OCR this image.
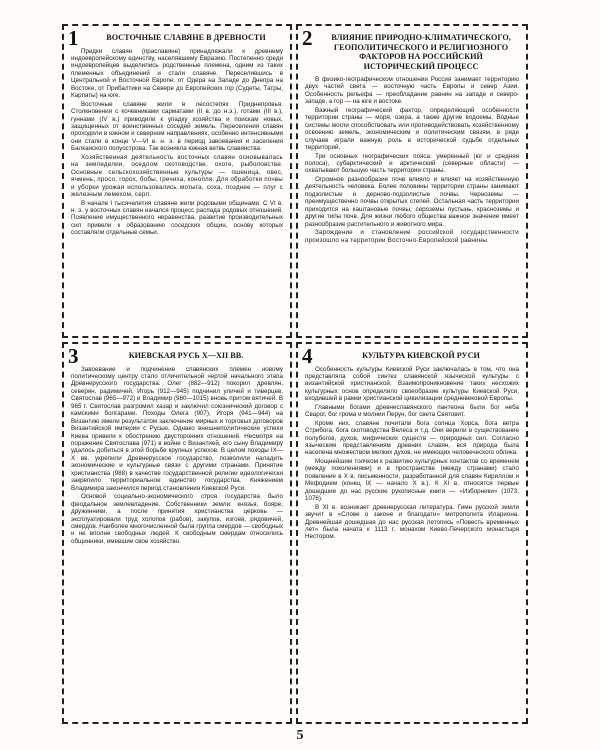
1	ВОСТОЧНЫЕ СЛАВЯНЕ В ДРЕВНОСТИ

Предки славян (праславяне) принадлежали к древнему индоевропейскому единству, населявшему Евразию. Постепенно среди индоевропейцев выделились родственные племена, одним из таких племенных объединений и стали славяне. Переселившись в Центральной и Восточной Европе: от Одера на Западе до Днепра на Востоке, от Прибалтики на Севере до Европейских гор (Судеты, Татры, Карпаты) на юге.

Восточные славяне жили в лесостепях Приднепровья. Столкновения с кочевниками сарматами (II в. до н.э.), готами (III в.), гуннами (IV в.) приводили к упадку хозяйства и поискам новых, защищенных от воинственных соседей земель. Переселения славян проходили в южном и северном направлениях, особенно интенсивными они стали в конце V—VI в. н. э. в период завоевания и заселения Балканского полуострова. Так возникла южная ветвь славянства.

Хозяйственная деятельность восточных славян основывалась на земледелии, оседлом скотоводстве, охоте, рыболовстве. Основные сельскохозяйственные культуры — пшеница, овес, ячмень, просо, горох, бобы, гречиха, конопля. Для обработки почвы и уборки урожая использовались мотыга, соха, позднее — плуг с железным лемехом, серп.

В начале I тысячелетия славяне жили родовыми общинами. С VI в. н. э. у восточных славян начался процесс распада родовых отношений. Появление имущественного неравенства, развитие производительных сил привели к образованию соседских общин, основу которых составляли отдельные семьи.

2	ВЛИЯНИЕ ПРИРОДНО-КЛИМАТИЧЕСКОГО, ГЕОПОЛИТИЧЕСКОГО И РЕЛИГИОЗНОГО ФАКТОРОВ НА РОССИЙСКИЙ ИСТОРИЧЕСКИЙ ПРОЦЕСС

В физико-географическом отношении Россия занимает территорию двух частей света — восточную часть Европы и север Азии. Особенность рельефа — преобладание равнин на западе и северо-западе, а гор — на юге и востоке.

Важный географический фактор, определяющий особенности территории страны — моря, озера, а также другие водоемы. Водные системы могли способствовать или противодействовать хозяйственному освоению земель, экономическим и политическим связям, в ряде случаев играли важную роль в исторической судьбе отдельных территорий.

Три основных географических пояса: умеренный (юг и средняя полоса), субарктический и арктический (северные области) — охватывают большую часть территории страны.

Огромное разнообразие почв влияло и влияет на хозяйственную деятельность человека. Более половины территории страны занимают подзолистые и дерново-подзолистые почвы. Черноземы — преимущественно почвы открытых степей. Остальная часть территории приходится на каштановые почвы, сероземы пустынь, красноземы и другие типы почв. Для жизни любого общества важное значение имеет разнообразие растительного и животного мира.

Зарождение и становление российской государственности произошло на территории Восточно-Европейской равнины.

3	КИЕВСКАЯ РУСЬ X—XII ВВ.

Завоевание и подчинение славянских племен новому политическому центру стало отличительной чертой начального этапа Древнерусского государства. Олег (882—912) покорил древлян, северян, радимичей, Игорь (912—945) подчинил уличей и тиверцев, Святослав (965—972) и Владимир (980—1015) вновь притом вятичей. В 965 г. Святослав разгромил хазар и заключил союзнический договор с камскими болгарами. Походы Олега (907), Игоря (941—944) на Византию имели результатом заключение мирных и торговых договоров Византийской империи с Русью. Однако внешнеполитические успехи Киева привели к обострению двусторонних отношений. Несмотря на поражение Святослава (971) в войне с Византией, его сыну Владимиру удалось добиться в этой борьбе крупных успехов. В целом походы IX—X вв. укрепили Древнерусское государство, позволили наладить экономические и культурные связи с другими странами. Принятие христианства (988) в качестве государственной религии идеологически закрепило территориальное единство государства. Княжением Владимира закончился период становления Киевской Руси.

Основой социально-экономического строя государства было феодальное землевладение. Собственники земли: князья, бояре, дружинники, а после принятия христианства церковь — эксплуатировали труд холопов (рабов), закупов, изгоев, рядовичей, смердов. Наиболее многочисленной была группа смердов — свободных и не вполне свободных людей. К свободным смердам относились общинники, имевшие свое хозяйство.

4	КУЛЬТУРА КИЕВСКОЙ РУСИ

Особенность культуры Киевской Руси заключалась в том, что она представляла собой синтез славянской языческой культуры с византийской христианской. Взаимопроникновение таких несхожих культурных основ определило своеобразие культуры Киевской Руси, входившей в рамки христианской цивилизации средневековой Европы.

Главными богами древнеславянского пантеона были бог неба Сварог, бог грома и молнии Перун, бог света Святовит.

Кроме них, славяне почитали бога солнца Хорса, бога ветра Стрибога, бога скотоводства Велеса и т.д. Они верили в существование полубогов, духов, мифических существ — природных сил. Согласно языческим представлениям древних славян, вся природа была населена множеством мелких духов, не имеющих человеческого облика.

Мощнейшим толчком к развитию культурных контактов со временем (между поколениями) и в пространстве (между странами) стало появление в X в. письменности, разработанной для славян Кириллом и Мефодием (конец IX — начало X в.). К XI в. относятся первые дошедшие до нас русские рукописные книги — «Изборники» (1073, 1076).

В XI в. возникает древнерусская литература. Гимн русской земли звучит в «Слове о законе и благодати» митрополита Илариона. Древнейшая дошедшая до нас русская летопись «Повесть временных лет» была начата к 1113 г. монахом Киево-Печерского монастыря Нестором.

5
